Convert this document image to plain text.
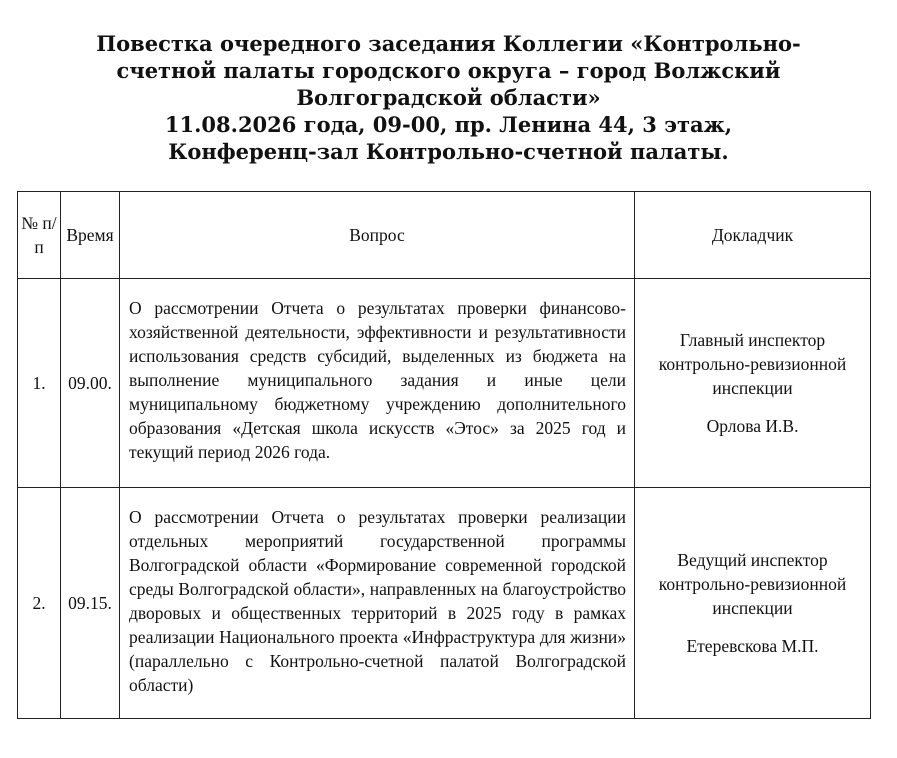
Повестка очередного заседания Коллегии «Контрольно-
счетной палаты городского округа – город Волжский
Волгоградской области»
11.08.2026 года, 09-00, пр. Ленина 44, 3 этаж,
Конференц-зал Контрольно-счетной палаты.
№ п/ п	Время	Вопрос	Докладчик
1.	09.00.	О рассмотрении Отчета о результатах проверки финансово-хозяйственной деятельности, эффективности и результативности использования средств субсидий, выделенных из бюджета на выполнение муниципального задания и иные цели муниципальному бюджетному учреждению дополнительного образования «Детская школа искусств «Этос» за 2025 год и текущий период 2026 года.	Главный инспектор контрольно-ревизионной инспекции
Орлова И.В.

2.	09.15.	О рассмотрении Отчета о результатах проверки реализации отдельных мероприятий государственной программы Волгоградской области «Формирование современной городской среды Волгоградской области», направленных на благоустройство дворовых и общественных территорий в 2025 году в рамках реализации Национального проекта «Инфраструктура для жизни» (параллельно с Контрольно-счетной палатой Волгоградской области)	Ведущий инспектор контрольно-ревизионной инспекции
Етеревскова М.П.
